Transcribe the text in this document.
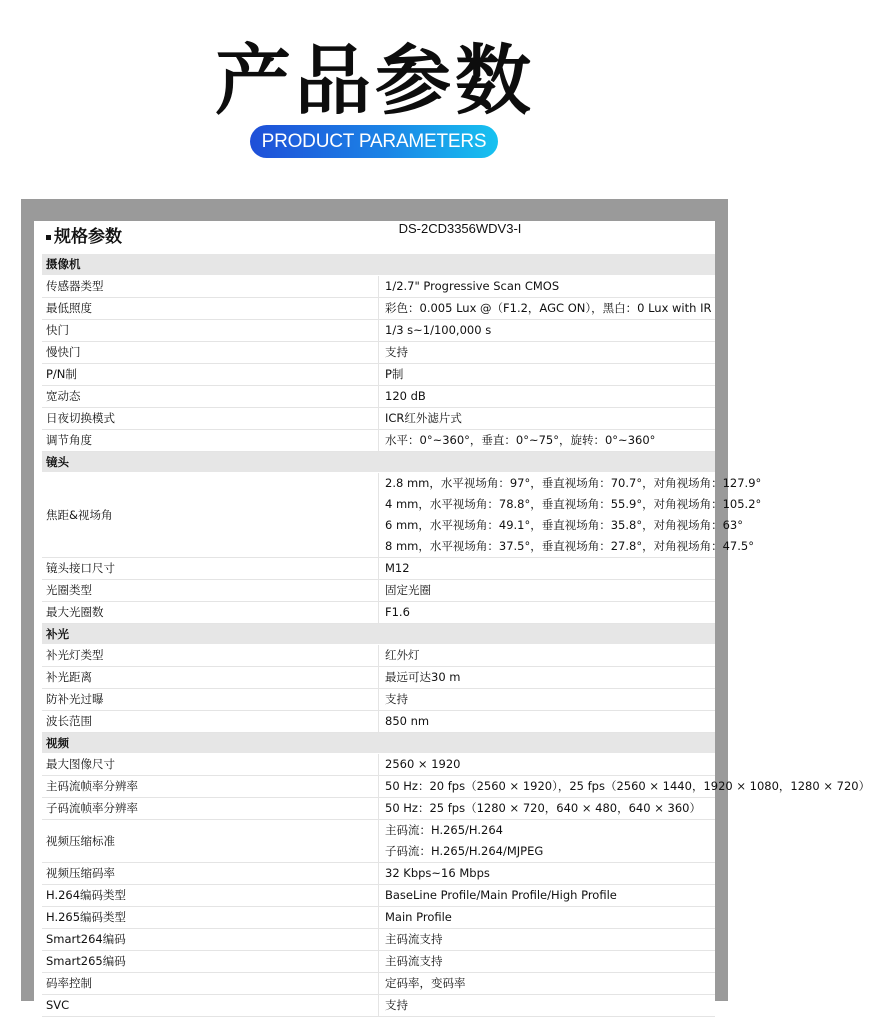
产品参数
PRODUCT PARAMETERS
规格参数	DS-2CD3356WDV3-I
摄像机	
传感器类型	1/2.7" Progressive Scan CMOS

最低照度	彩色：0.005 Lux @（F1.2，AGC ON），黑白：0 Lux with IR

快门	1/3 s~1/100,000 s

慢快门	支持

P/N制	P制

宽动态	120 dB

日夜切换模式	ICR红外滤片式

调节角度	水平：0°~360°，垂直：0°~75°，旋转：0°~360°

镜头	
焦距&视场角	2.8 mm，水平视场角：97°，垂直视场角：70.7°，对角视场角：127.9°
4 mm，水平视场角：78.8°，垂直视场角：55.9°，对角视场角：105.2°
6 mm，水平视场角：49.1°，垂直视场角：35.8°，对角视场角：63°
8 mm，水平视场角：37.5°，垂直视场角：27.8°，对角视场角：47.5°

镜头接口尺寸	M12

光圈类型	固定光圈

最大光圈数	F1.6

补光	
补光灯类型	红外灯

补光距离	最远可达30 m

防补光过曝	支持

波长范围	850 nm

视频	
最大图像尺寸	2560 × 1920

主码流帧率分辨率	50 Hz：20 fps（2560 × 1920），25 fps（2560 × 1440，1920 × 1080，1280 × 720）

子码流帧率分辨率	50 Hz：25 fps（1280 × 720，640 × 480，640 × 360）

视频压缩标准	主码流：H.265/H.264
子码流：H.265/H.264/MJPEG

视频压缩码率	32 Kbps~16 Mbps

H.264编码类型	BaseLine Profile/Main Profile/High Profile

H.265编码类型	Main Profile

Smart264编码	主码流支持

Smart265编码	主码流支持

码率控制	定码率，变码率

SVC	支持
